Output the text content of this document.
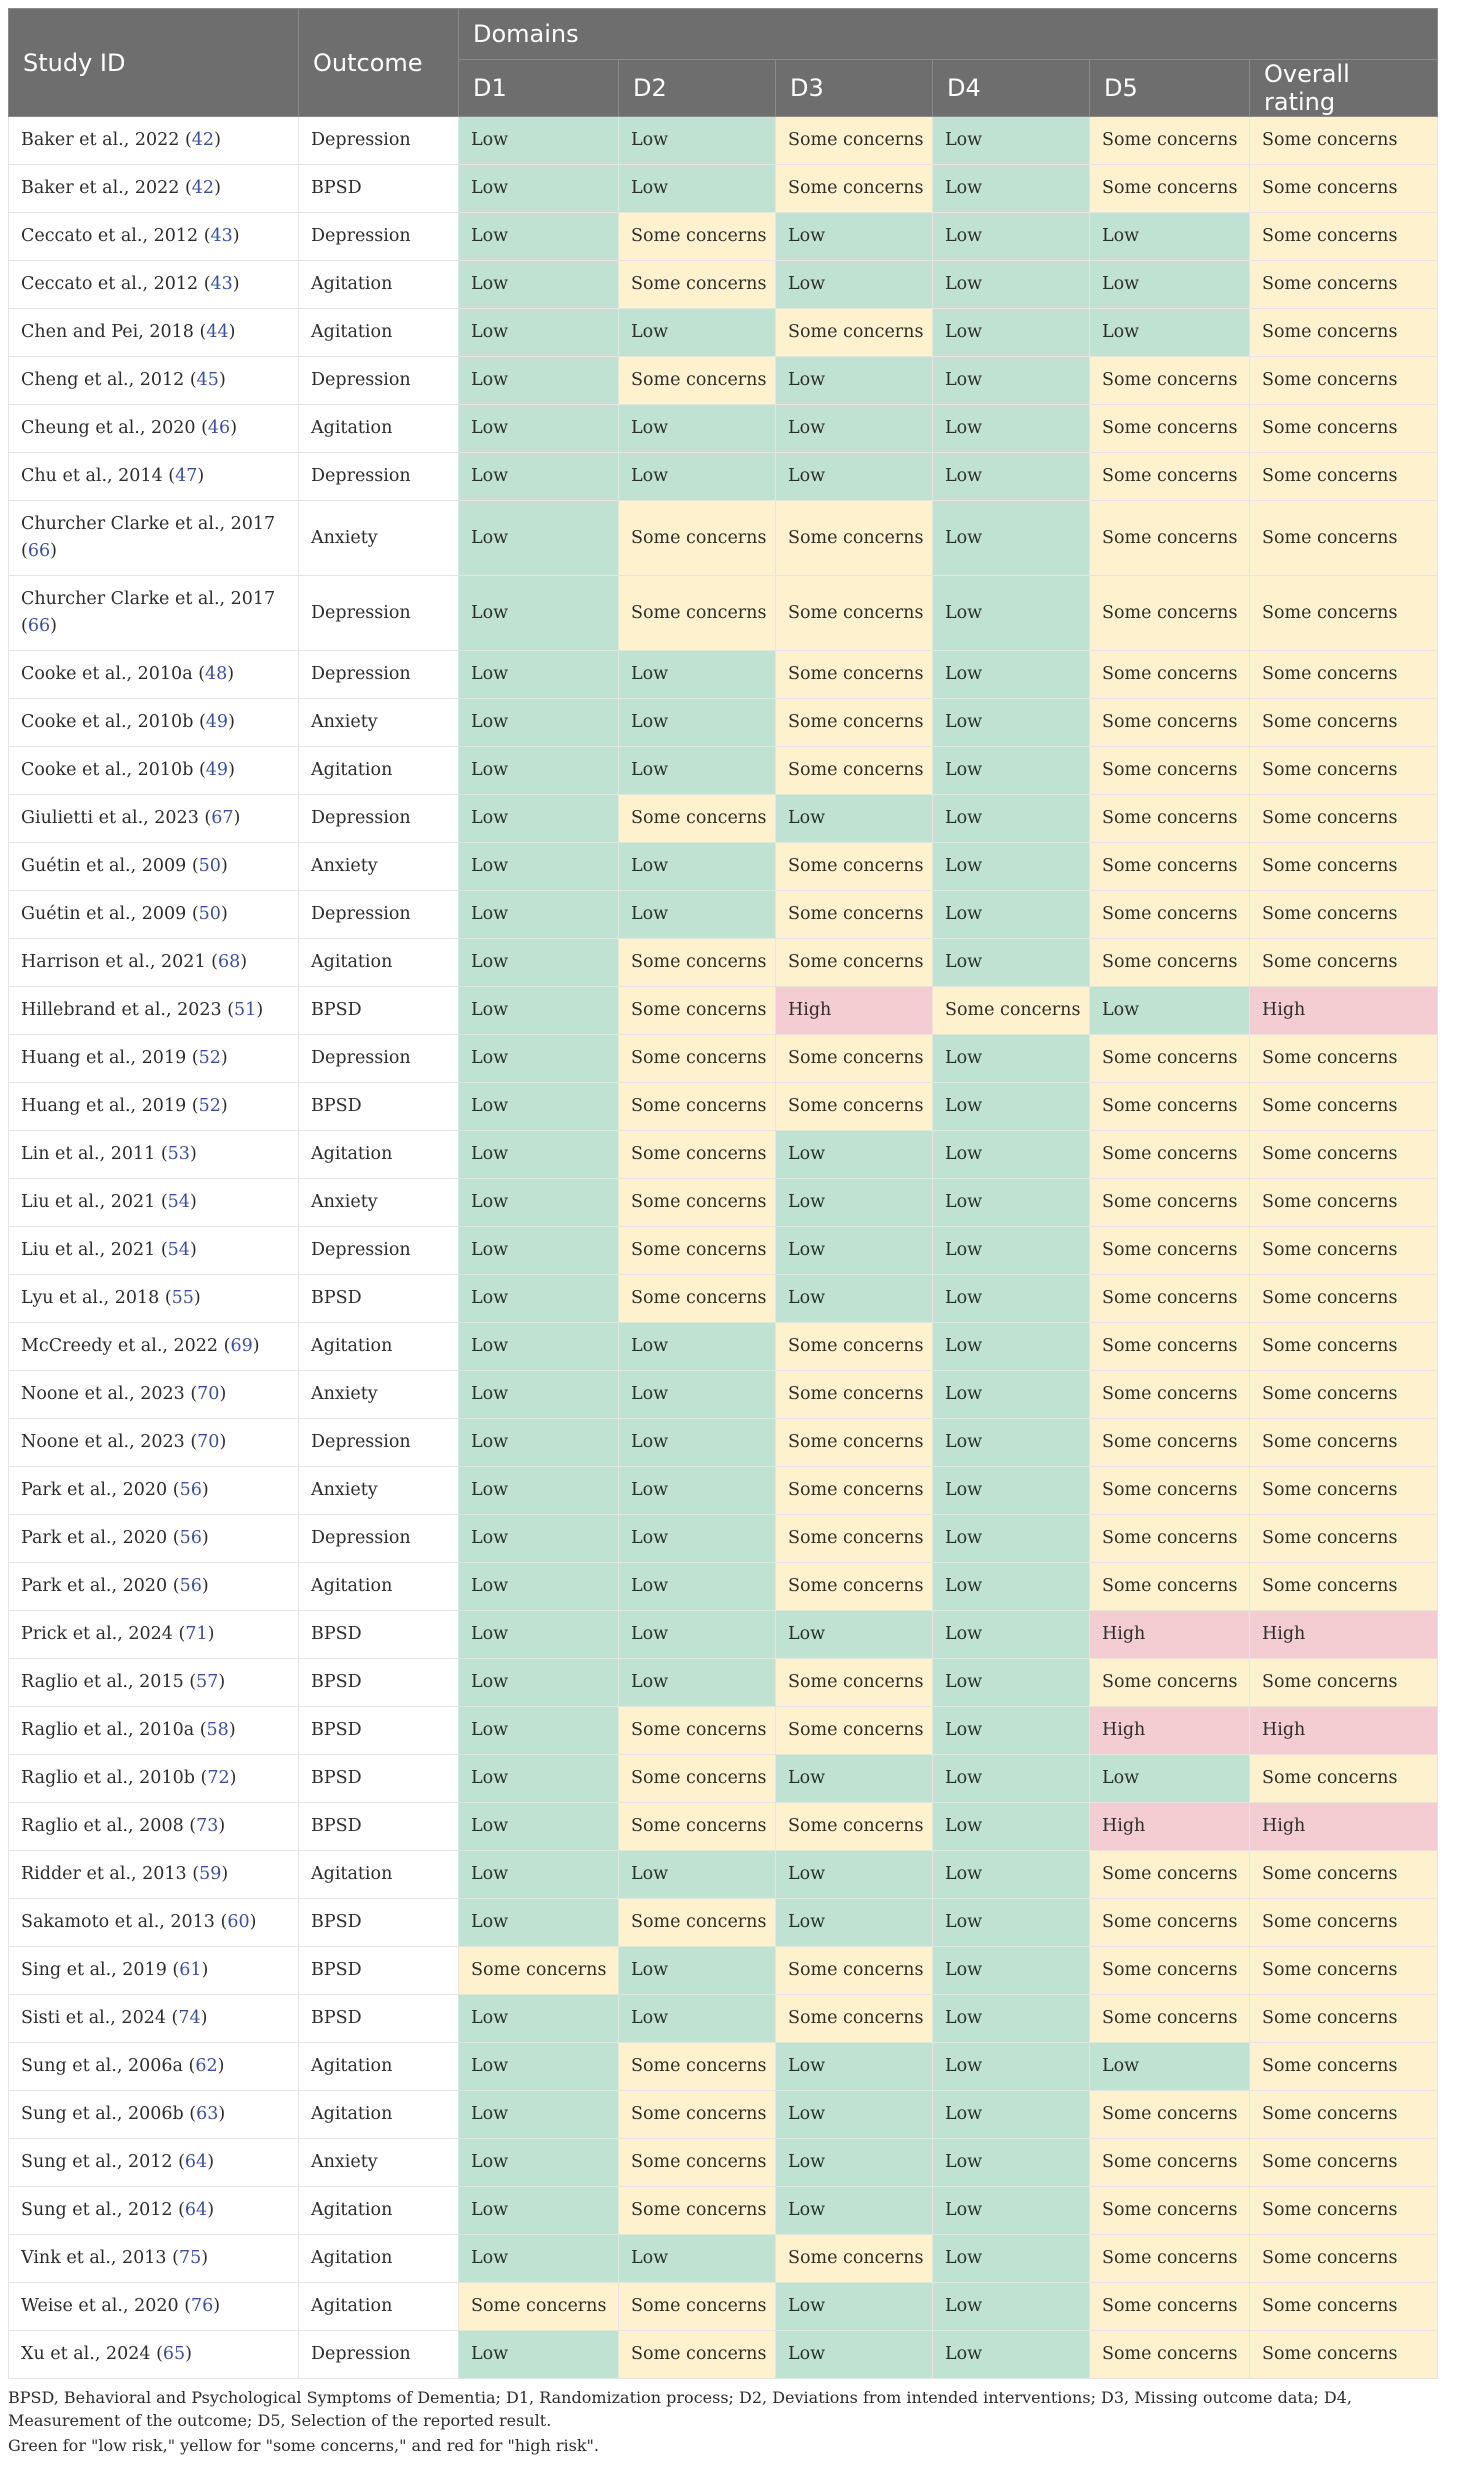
Study ID	Outcome	Domains					
		D1	D2	D3	D4	D5	Overall rating
Baker et al., 2022 (42)	Depression	Low	Low	Some concerns	Low	Some concerns	Some concerns
Baker et al., 2022 (42)	BPSD	Low	Low	Some concerns	Low	Some concerns	Some concerns
Ceccato et al., 2012 (43)	Depression	Low	Some concerns	Low	Low	Low	Some concerns
Ceccato et al., 2012 (43)	Agitation	Low	Some concerns	Low	Low	Low	Some concerns
Chen and Pei, 2018 (44)	Agitation	Low	Low	Some concerns	Low	Low	Some concerns
Cheng et al., 2012 (45)	Depression	Low	Some concerns	Low	Low	Some concerns	Some concerns
Cheung et al., 2020 (46)	Agitation	Low	Low	Low	Low	Some concerns	Some concerns
Chu et al., 2014 (47)	Depression	Low	Low	Low	Low	Some concerns	Some concerns
Churcher Clarke et al., 2017 (66)	Anxiety	Low	Some concerns	Some concerns	Low	Some concerns	Some concerns
Churcher Clarke et al., 2017 (66)	Depression	Low	Some concerns	Some concerns	Low	Some concerns	Some concerns
Cooke et al., 2010a (48)	Depression	Low	Low	Some concerns	Low	Some concerns	Some concerns
Cooke et al., 2010b (49)	Anxiety	Low	Low	Some concerns	Low	Some concerns	Some concerns
Cooke et al., 2010b (49)	Agitation	Low	Low	Some concerns	Low	Some concerns	Some concerns
Giulietti et al., 2023 (67)	Depression	Low	Some concerns	Low	Low	Some concerns	Some concerns
Guétin et al., 2009 (50)	Anxiety	Low	Low	Some concerns	Low	Some concerns	Some concerns
Guétin et al., 2009 (50)	Depression	Low	Low	Some concerns	Low	Some concerns	Some concerns
Harrison et al., 2021 (68)	Agitation	Low	Some concerns	Some concerns	Low	Some concerns	Some concerns
Hillebrand et al., 2023 (51)	BPSD	Low	Some concerns	High	Some concerns	Low	High
Huang et al., 2019 (52)	Depression	Low	Some concerns	Some concerns	Low	Some concerns	Some concerns
Huang et al., 2019 (52)	BPSD	Low	Some concerns	Some concerns	Low	Some concerns	Some concerns
Lin et al., 2011 (53)	Agitation	Low	Some concerns	Low	Low	Some concerns	Some concerns
Liu et al., 2021 (54)	Anxiety	Low	Some concerns	Low	Low	Some concerns	Some concerns
Liu et al., 2021 (54)	Depression	Low	Some concerns	Low	Low	Some concerns	Some concerns
Lyu et al., 2018 (55)	BPSD	Low	Some concerns	Low	Low	Some concerns	Some concerns
McCreedy et al., 2022 (69)	Agitation	Low	Low	Some concerns	Low	Some concerns	Some concerns
Noone et al., 2023 (70)	Anxiety	Low	Low	Some concerns	Low	Some concerns	Some concerns
Noone et al., 2023 (70)	Depression	Low	Low	Some concerns	Low	Some concerns	Some concerns
Park et al., 2020 (56)	Anxiety	Low	Low	Some concerns	Low	Some concerns	Some concerns
Park et al., 2020 (56)	Depression	Low	Low	Some concerns	Low	Some concerns	Some concerns
Park et al., 2020 (56)	Agitation	Low	Low	Some concerns	Low	Some concerns	Some concerns
Prick et al., 2024 (71)	BPSD	Low	Low	Low	Low	High	High
Raglio et al., 2015 (57)	BPSD	Low	Low	Some concerns	Low	Some concerns	Some concerns
Raglio et al., 2010a (58)	BPSD	Low	Some concerns	Some concerns	Low	High	High
Raglio et al., 2010b (72)	BPSD	Low	Some concerns	Low	Low	Low	Some concerns
Raglio et al., 2008 (73)	BPSD	Low	Some concerns	Some concerns	Low	High	High
Ridder et al., 2013 (59)	Agitation	Low	Low	Low	Low	Some concerns	Some concerns
Sakamoto et al., 2013 (60)	BPSD	Low	Some concerns	Low	Low	Some concerns	Some concerns
Sing et al., 2019 (61)	BPSD	Some concerns	Low	Some concerns	Low	Some concerns	Some concerns
Sisti et al., 2024 (74)	BPSD	Low	Low	Some concerns	Low	Some concerns	Some concerns
Sung et al., 2006a (62)	Agitation	Low	Some concerns	Low	Low	Low	Some concerns
Sung et al., 2006b (63)	Agitation	Low	Some concerns	Low	Low	Some concerns	Some concerns
Sung et al., 2012 (64)	Anxiety	Low	Some concerns	Low	Low	Some concerns	Some concerns
Sung et al., 2012 (64)	Agitation	Low	Some concerns	Low	Low	Some concerns	Some concerns
Vink et al., 2013 (75)	Agitation	Low	Low	Some concerns	Low	Some concerns	Some concerns
Weise et al., 2020 (76)	Agitation	Some concerns	Some concerns	Low	Low	Some concerns	Some concerns
Xu et al., 2024 (65)	Depression	Low	Some concerns	Low	Low	Some concerns	Some concerns

BPSD, Behavioral and Psychological Symptoms of Dementia; D1, Randomization process; D2, Deviations from intended interventions; D3, Missing outcome data; D4, Measurement of the outcome; D5, Selection of the reported result.

Green for "low risk," yellow for "some concerns," and red for "high risk".
